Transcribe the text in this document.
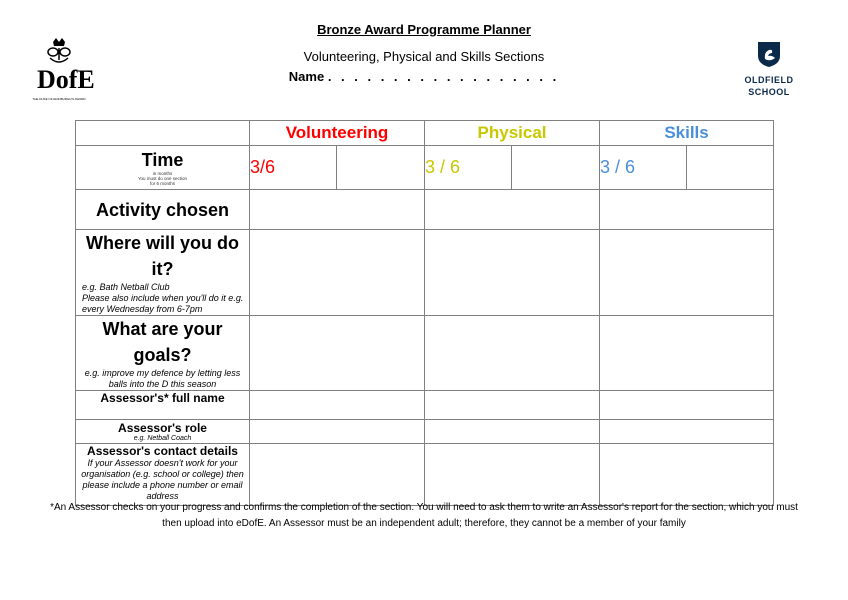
DofE
THE DUKE OF EDINBURGH'S AWARD
OLDFIELD
SCHOOL
Bronze Award Programme Planner
Volunteering, Physical and Skills Sections
Name . . . . . . . . . . . . . . . . . .
	Volunteering		Physical		Skills	

Time
in months
You must do one section
for 6 months	3/6		3 / 6		3 / 6	

Activity chosen						

Where will you do
it?
e.g. Bath Netball Club
Please also include when you'll do it e.g. every Wednesday from 6-7pm						

What are your
goals?
e.g. improve my defence by letting less balls into the D this season						

Assessor's* full name						

Assessor's role
e.g. Netball Coach						

Assessor's contact details
If your Assessor doesn't work for your organisation (e.g. school or college) then please include a phone number or email address						

*An Assessor checks on your progress and confirms the completion of the section. You will need to ask them to write an Assessor's report for the section, which you must
then upload into eDofE. An Assessor must be an independent adult; therefore, they cannot be a member of your family
